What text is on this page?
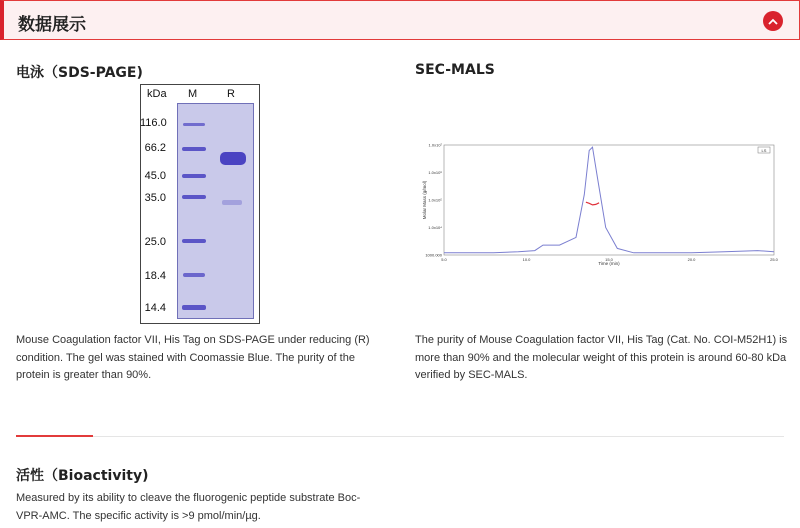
数据展示
电泳（SDS-PAGE)
kDa M	R
116.0
66.2
45.0
35.0
25.0
18.4
14.4
Mouse Coagulation factor VII, His Tag on SDS-PAGE under reducing (R) condition. The gel was stained with Coomassie Blue. The purity of the protein is greater than 90%.
SEC-MALS
1000.000
1.0x10⁴
1.0x10⁵
1.0x10⁶
1.0x10⁷
5.0	10.0	15.0	20.0	25.0
LS
Time (min)
Molar Mass (g/mol)
The purity of Mouse Coagulation factor VII, His Tag (Cat. No. COI-M52H1) is more than 90% and the molecular weight of this protein is around 60-80 kDa verified by SEC-MALS.
活性（Bioactivity)
Measured by its ability to cleave the fluorogenic peptide substrate Boc-VPR-AMC. The specific activity is >9 pmol/min/µg.
